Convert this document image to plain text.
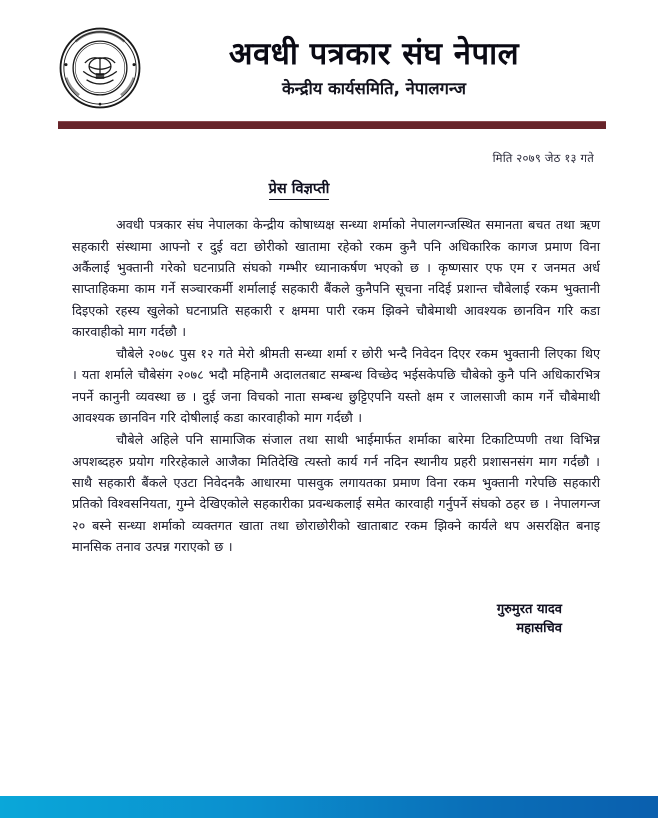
अवधी पत्रकार संघ नेपाल
केन्द्रीय कार्यसमिति, नेपालगन्ज
मिति २०७९ जेठ १३ गते
प्रेस विज्ञप्ती

अवधी पत्रकार संघ नेपालका केन्द्रीय कोषाध्यक्ष सन्ध्या शर्माको नेपालगन्जस्थित समानता बचत तथा ऋण सहकारी संस्थामा आफ्नो र दुई वटा छोरीको खातामा रहेको रकम कुनै पनि अधिकारिक कागज प्रमाण विना अर्कैलाई भुक्तानी गरेको घटनाप्रति संघको गम्भीर ध्यानाकर्षण भएको छ । कृष्णसार एफ एम र जनमत अर्ध साप्ताहिकमा काम गर्ने सञ्चारकर्मी शर्मालाई सहकारी बैंकले कुनैपनि सूचना नदिई प्रशान्त चौबेलाई रकम भुक्तानी दिइएको रहस्य खुलेको घटनाप्रति सहकारी र क्षममा पारी रकम झिक्ने चौबेमाथी आवश्यक छानविन गरि कडा कारवाहीको माग गर्दछौ ।

चौबेले २०७८ पुस १२ गते मेरो श्रीमती सन्ध्या शर्मा र छोरी भन्दै निवेदन दिएर रकम भुक्तानी लिएका थिए । यता शर्माले चौबेसंग २०७८ भदौ महिनामै अदालतबाट सम्बन्ध विच्छेद भईसकेपछि चौबेको कुनै पनि अधिकारभित्र नपर्ने कानुनी व्यवस्था छ । दुई जना विचको नाता सम्बन्ध छुट्टिएपनि यस्तो क्षम र जालसाजी काम गर्ने चौबेमाथी आवश्यक छानविन गरि दोषीलाई कडा कारवाहीको माग गर्दछौ ।

चौबेले अहिले पनि सामाजिक संजाल तथा साथी भाईमार्फत शर्माका बारेमा टिकाटिप्पणी तथा विभिन्न अपशब्दहरु प्रयोग गरिरहेकाले आजैका मितिदेखि त्यस्तो कार्य गर्न नदिन स्थानीय प्रहरी प्रशासनसंग माग गर्दछौ । साथै सहकारी बैंकले एउटा निवेदनकै आधारमा पासवुक लगायतका प्रमाण विना रकम भुक्तानी गरेपछि सहकारी प्रतिको विश्वसनियता, गुम्ने देखिएकोले सहकारीका प्रवन्धकलाई समेत कारवाही गर्नुपर्ने संघको ठहर छ । नेपालगन्ज २० बस्ने सन्ध्या शर्माको व्यक्तगत खाता तथा छोराछोरीको खाताबाट रकम झिक्ने कार्यले थप असरक्षित बनाइ मानसिक तनाव उत्पन्न गराएको छ ।

गुरुमुरत यादव
महासचिव
